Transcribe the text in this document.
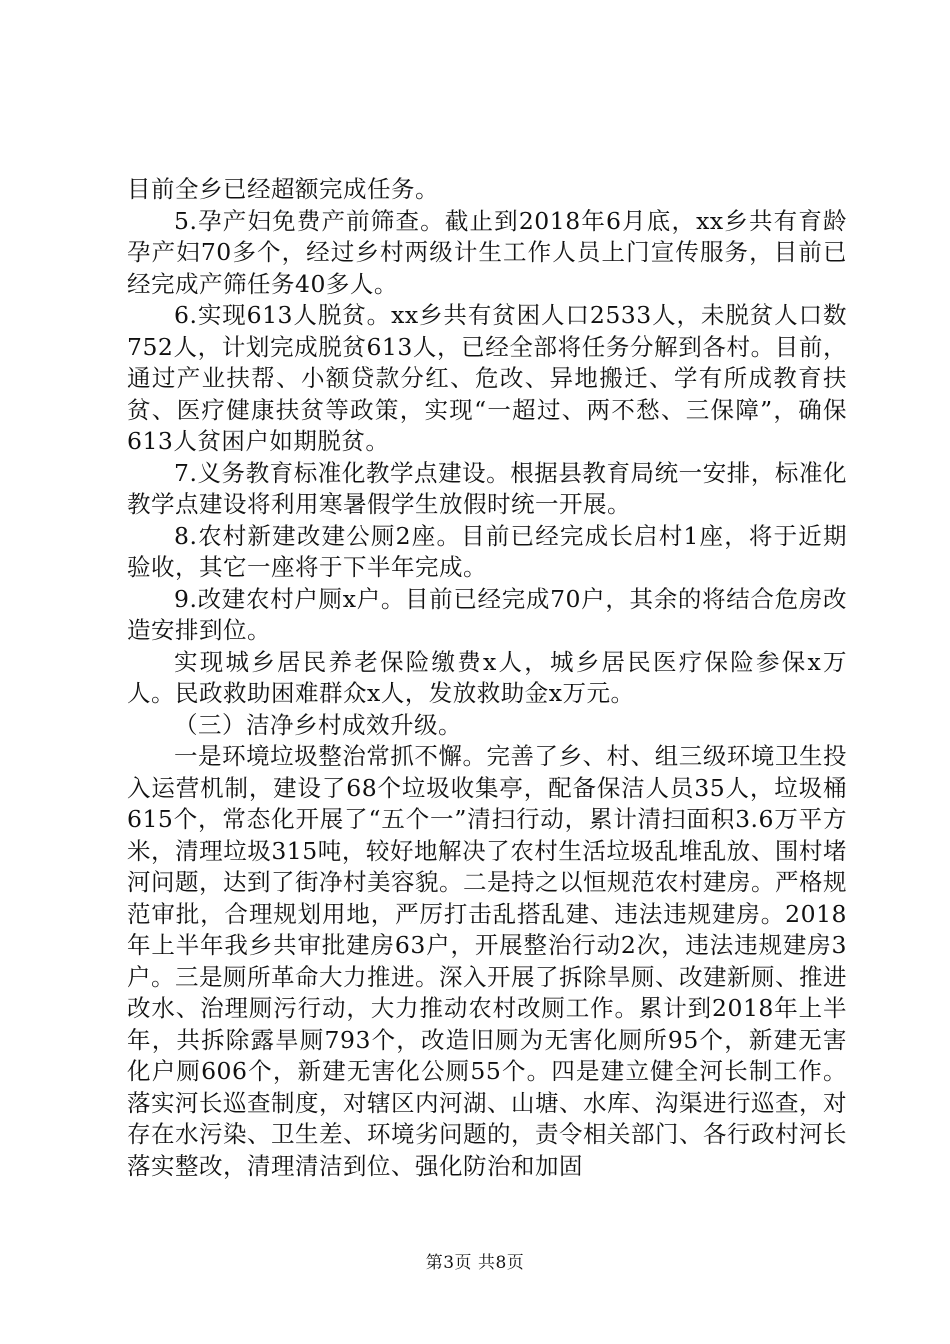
目前全乡已经超额完成任务。

5.孕产妇免费产前筛查。截止到2018年6月底，xx乡共有育龄孕产妇70多个，经过乡村两级计生工作人员上门宣传服务，目前已经完成产筛任务40多人。

6.实现613人脱贫。xx乡共有贫困人口2533人，未脱贫人口数752人，计划完成脱贫613人，已经全部将任务分解到各村。目前，通过产业扶帮、小额贷款分红、危改、异地搬迁、学有所成教育扶贫、医疗健康扶贫等政策，实现“一超过、两不愁、三保障”，确保613人贫困户如期脱贫。

7.义务教育标准化教学点建设。根据县教育局统一安排，标准化教学点建设将利用寒暑假学生放假时统一开展。

8.农村新建改建公厕2座。目前已经完成长启村1座，将于近期验收，其它一座将于下半年完成。

9.改建农村户厕x户。目前已经完成70户，其余的将结合危房改造安排到位。

实现城乡居民养老保险缴费x人，城乡居民医疗保险参保x万人。民政救助困难群众x人，发放救助金x万元。

（三）洁净乡村成效升级。

一是环境垃圾整治常抓不懈。完善了乡、村、组三级环境卫生投入运营机制，建设了68个垃圾收集亭，配备保洁人员35人，垃圾桶615个，常态化开展了“五个一”清扫行动，累计清扫面积3.6万平方米，清理垃圾315吨，较好地解决了农村生活垃圾乱堆乱放、围村堵河问题，达到了街净村美容貌。二是持之以恒规范农村建房。严格规范审批，合理规划用地，严厉打击乱搭乱建、违法违规建房。2018年上半年我乡共审批建房63户，开展整治行动2次，违法违规建房3户。三是厕所革命大力推进。深入开展了拆除旱厕、改建新厕、推进改水、治理厕污行动，大力推动农村改厕工作。累计到2018年上半年，共拆除露旱厕793个，改造旧厕为无害化厕所95个，新建无害化户厕606个，新建无害化公厕55个。四是建立健全河长制工作。落实河长巡查制度，对辖区内河湖、山塘、水库、沟渠进行巡查，对存在水污染、卫生差、环境劣问题的，责令相关部门、各行政村河长落实整改，清理清洁到位、强化防治和加固

第3页 共8页
